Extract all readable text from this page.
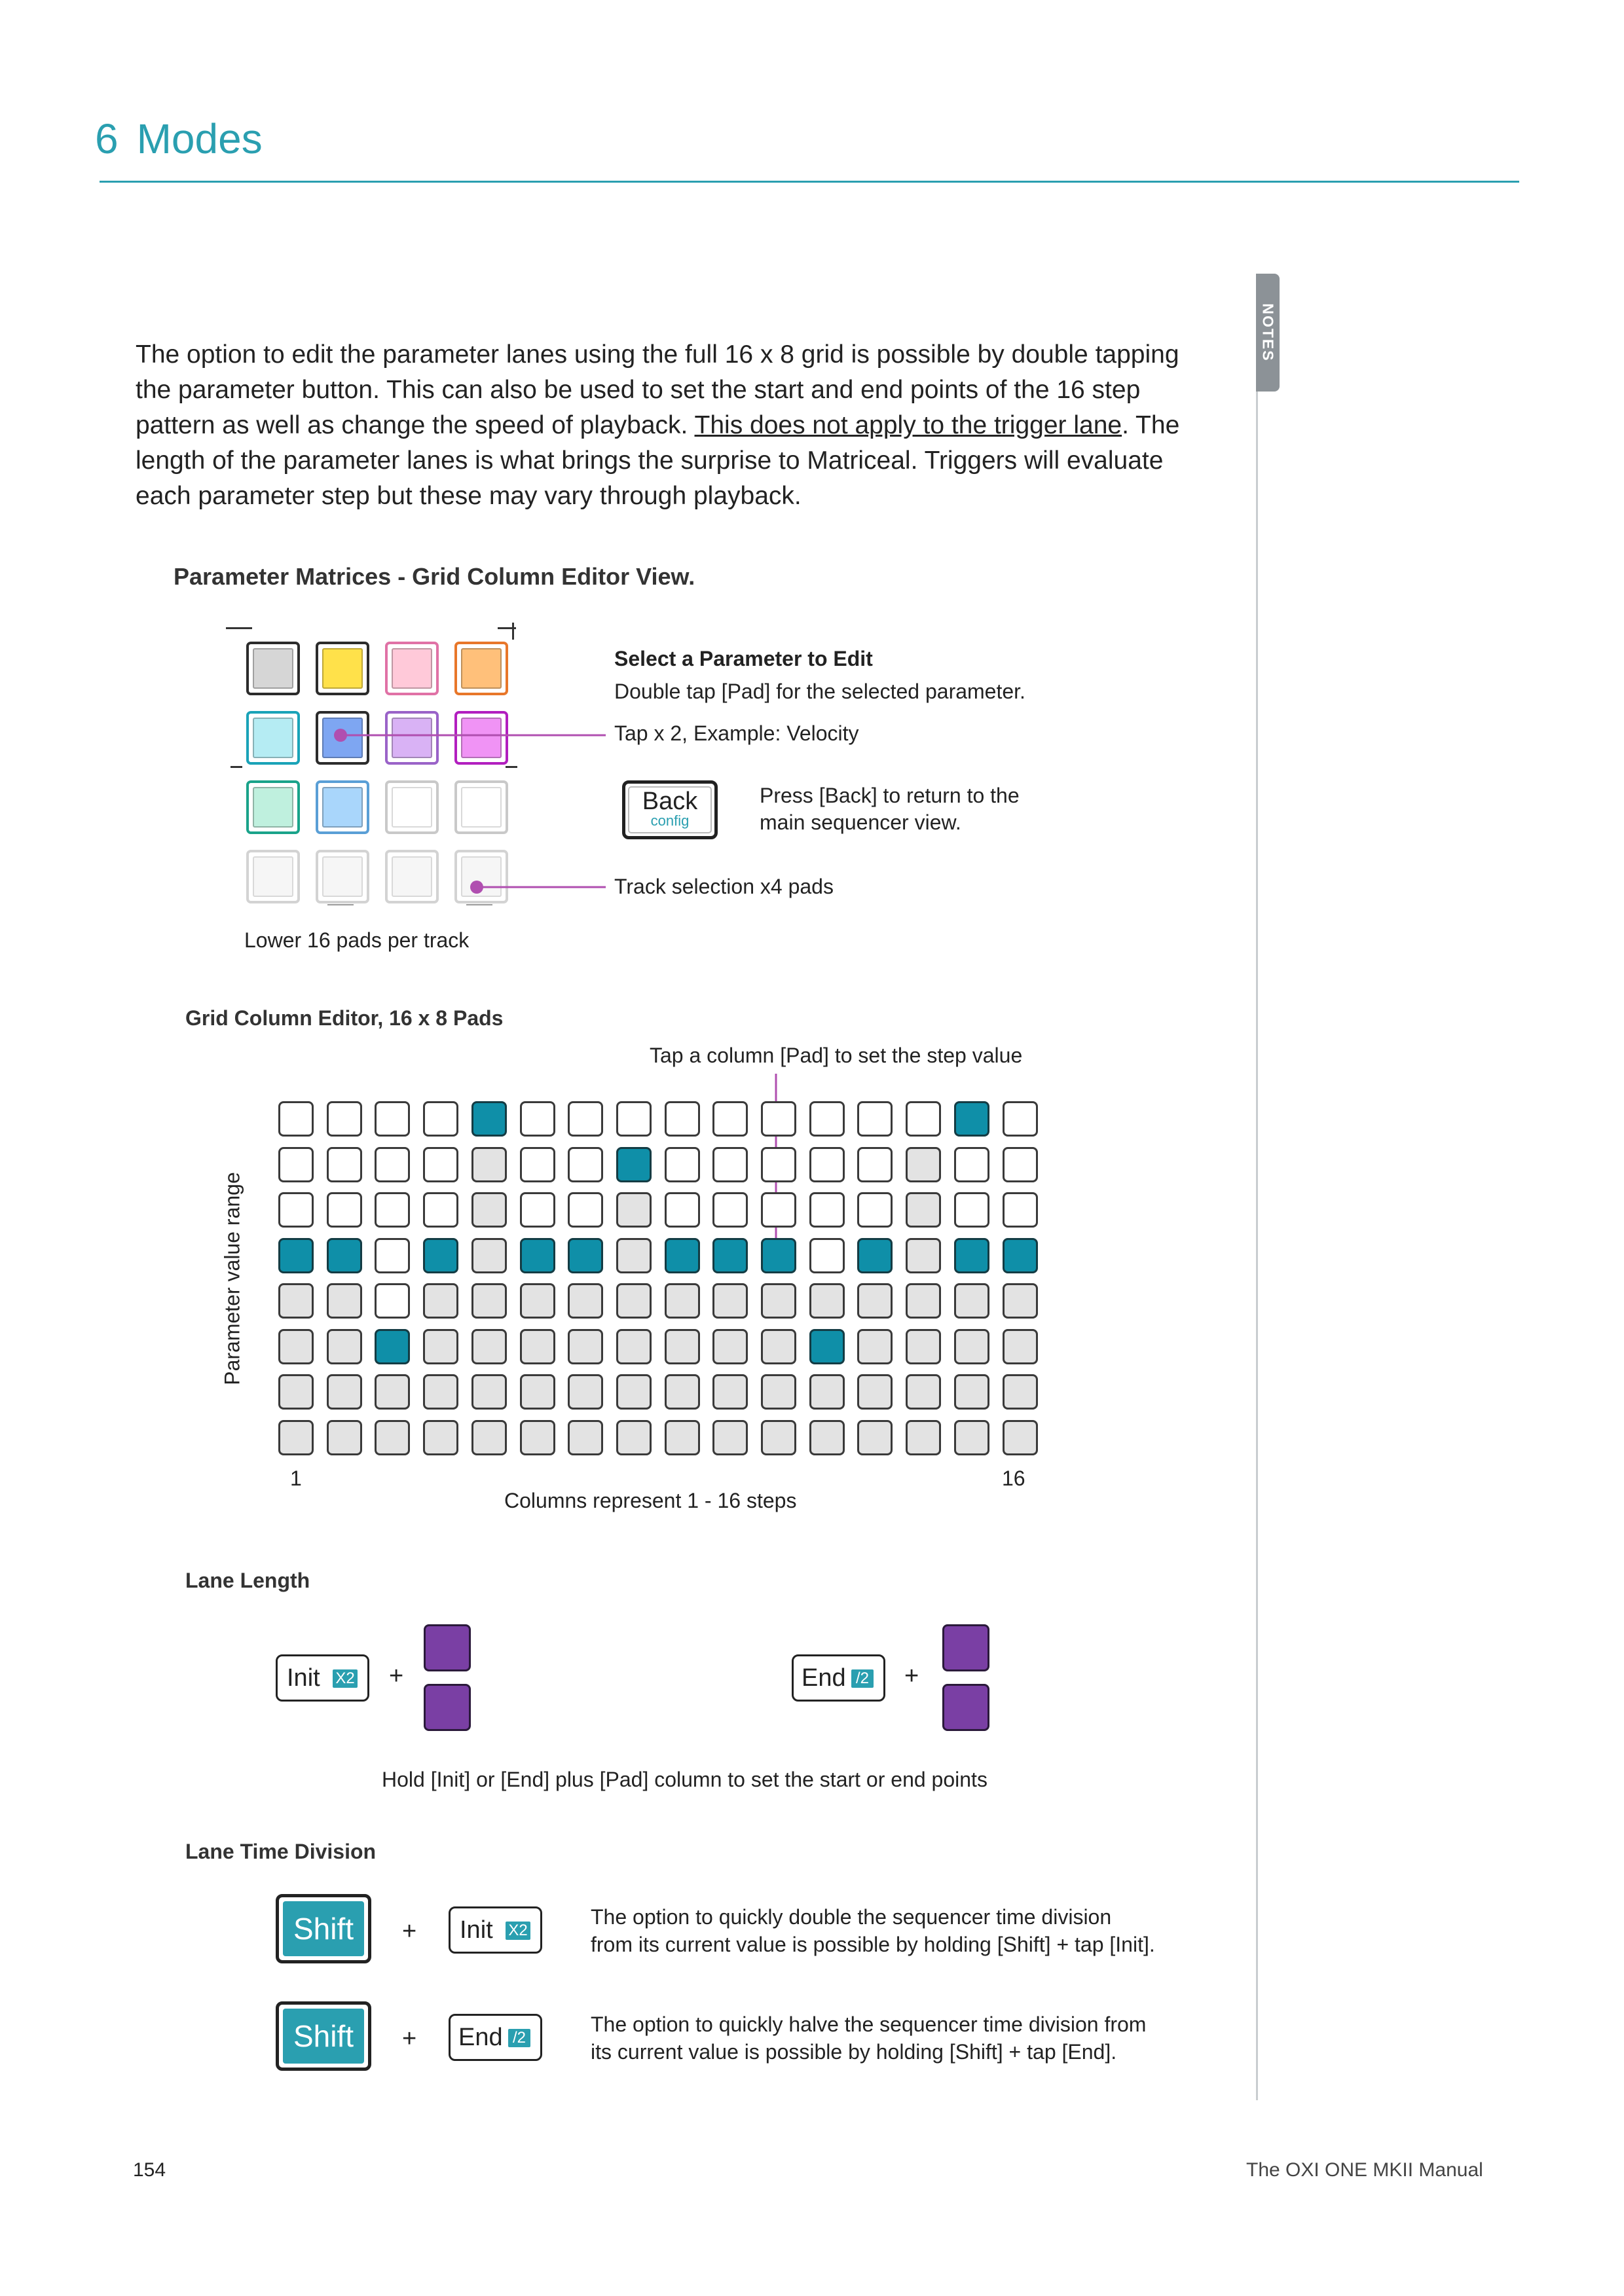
6 Modes
NOTES
The option to edit the parameter lanes using the full 16 x 8 grid is possible by double tapping the parameter button. This can also be used to set the start and end points of the 16 step pattern as well as change the speed of playback. This does not apply to the trigger lane. The length of the parameter lanes is what brings the surprise to Matriceal. Triggers will evaluate each parameter step but these may vary through playback.
Parameter Matrices - Grid Column Editor View.
Select a Parameter to Edit
Double tap [Pad] for the selected parameter.
Tap x 2, Example: Velocity
Back
config
Press [Back] to return to the
main sequencer view.
Track selection x4 pads
Lower 16 pads per track
Grid Column Editor, 16 x 8 Pads
Tap a column [Pad] to set the step value
Parameter value range
1	16
Columns represent 1 - 16 steps
Lane Length
Init X2 +	End /2 +
Hold [Init] or [End] plus [Pad] column to set the start or end points
Lane Time Division
Shift	+ Init X2
The option to quickly double the sequencer time division
from its current value is possible by holding [Shift] + tap [Init].
Shift	+ End /2
The option to quickly halve the sequencer time division from
its current value is possible by holding [Shift] + tap [End].
154	The OXI ONE MKII Manual
